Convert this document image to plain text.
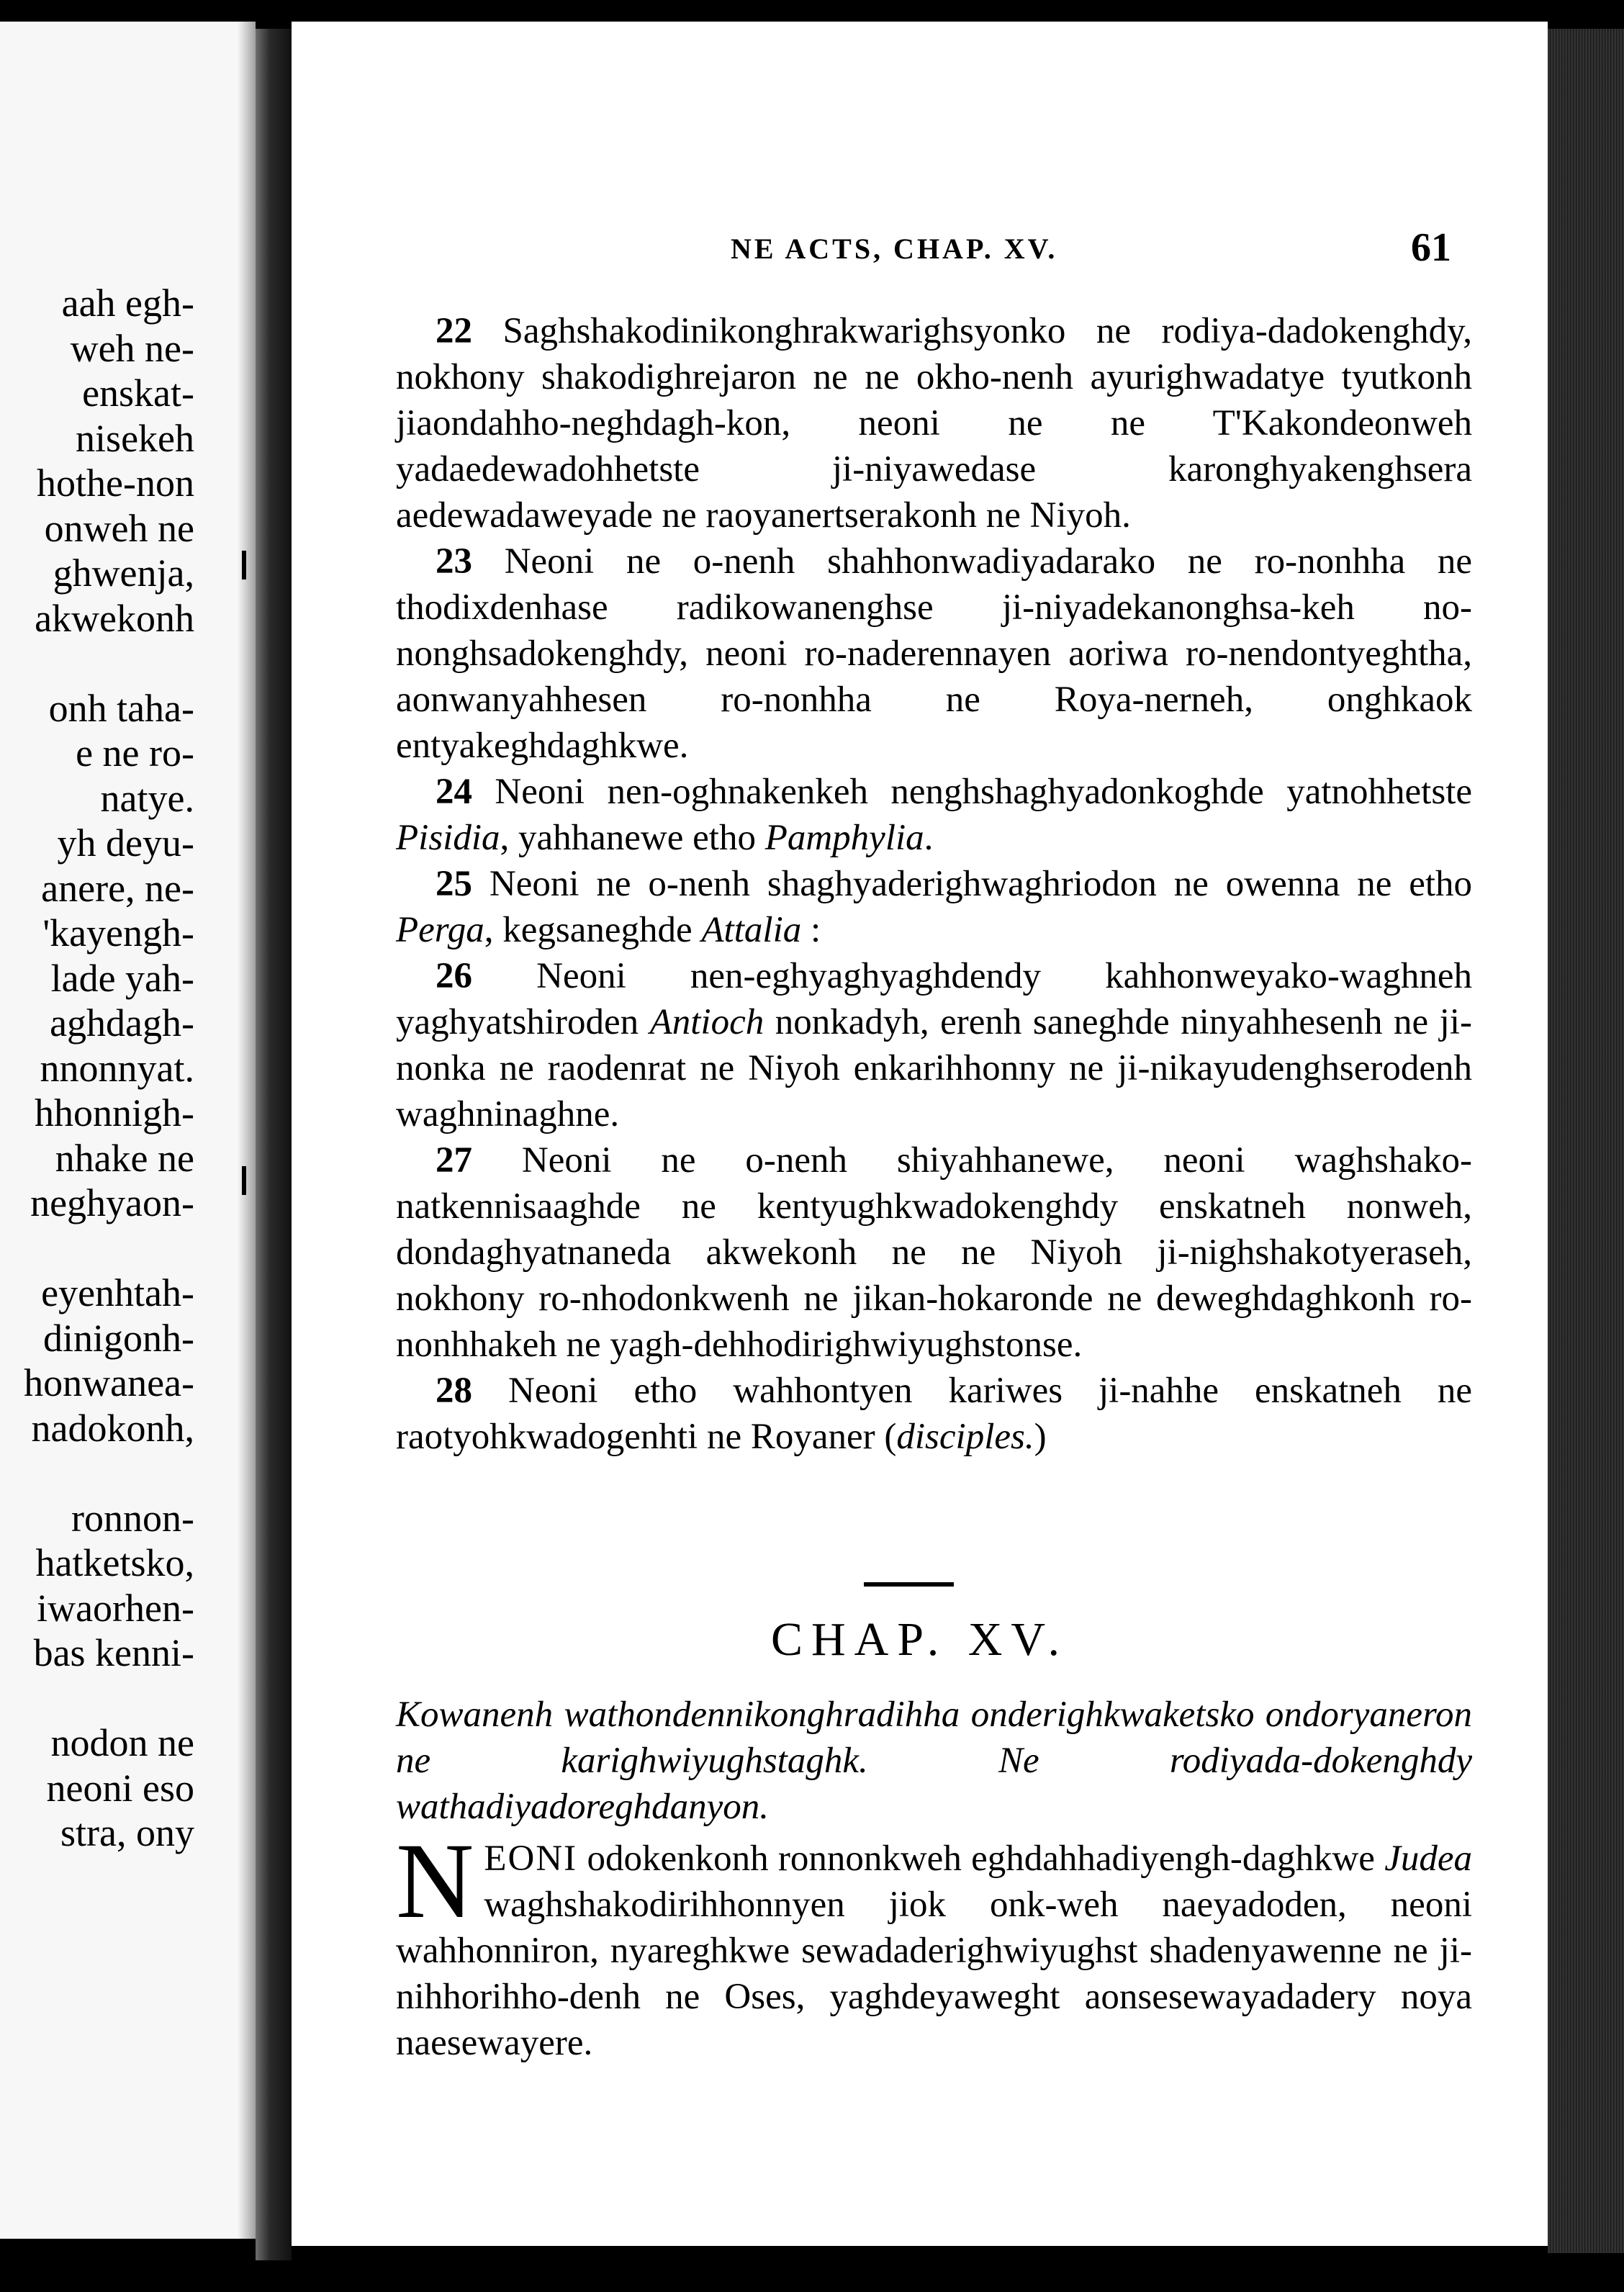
aah egh-
weh ne-
enskat-
nisekeh
hothe-non
onweh ne
ghwenja,
akwekonh
onh taha-
e ne ro-
natye.
yh deyu-
anere, ne-
'kayengh-
lade yah-
aghdagh-
nnonnyat.
hhonnigh-
nhake ne
neghyaon-
eyenhtah-
dinigonh-
honwanea-
nadokonh,
ronnon-
hatketsko,
iwaorhen-
bas kenni-
nodon ne
neoni eso
stra, ony
NE ACTS, CHAP. XV.	61

22 Saghshakodinikonghrakwarighsyonko ne rodiya-dadokenghdy, nokhony shakodighrejaron ne ne okho-nenh ayurighwadatye tyutkonh jiaondahho-neghdagh-kon, neoni ne ne T'Kakondeonweh yadaedewadohhetste ji-niyawedase karonghyakenghsera aedewadaweyade ne raoyanertserakonh ne Niyoh.

23 Neoni ne o-nenh shahhonwadiyadarako ne ro-nonhha ne thodixdenhase radikowanenghse ji-niyadekanonghsa-keh no-nonghsadokenghdy, neoni ro-naderennayen aoriwa ro-nendontyeghtha, aonwanyahhesen ro-nonhha ne Roya-nerneh, onghkaok entyakeghdaghkwe.

24 Neoni nen-oghnakenkeh nenghshaghyadonkoghde yatnohhetste Pisidia, yahhanewe etho Pamphylia.

25 Neoni ne o-nenh shaghyaderighwaghriodon ne owenna ne etho Perga, kegsaneghde Attalia :

26 Neoni nen-eghyaghyaghdendy kahhonweyako-waghneh yaghyatshiroden Antioch nonkadyh, erenh saneghde ninyahhesenh ne ji-nonka ne raodenrat ne Niyoh enkarihhonny ne ji-nikayudenghserodenh waghninaghne.

27 Neoni ne o-nenh shiyahhanewe, neoni waghshako-natkennisaaghde ne kentyughkwadokenghdy enskatneh nonweh, dondaghyatnaneda akwekonh ne ne Niyoh ji-nighshakotyeraseh, nokhony ro-nhodonkwenh ne jikan-hokaronde ne deweghdaghkonh ro-nonhhakeh ne yagh-dehhodirighwiyughstonse.

28 Neoni etho wahhontyen kariwes ji-nahhe enskatneh ne raotyohkwadogenhti ne Royaner (disciples.)

CHAP. XV.

Kowanenh wathondennikonghradihha onderighkwaketsko ondoryaneron ne karighwiyughstaghk. Ne rodiyada-dokenghdy wathadiyadoreghdanyon.

N EONI odokenkonh ronnonkweh eghdahhadiyengh-daghkwe Judea waghshakodirihhonnyen jiok onk-weh naeyadoden, neoni wahhonniron, nyareghkwe sewadaderighwiyughst shadenyawenne ne ji-nihhorihho-denh ne Oses, yaghdeyaweght aonsesewayadadery noya naesewayere.
